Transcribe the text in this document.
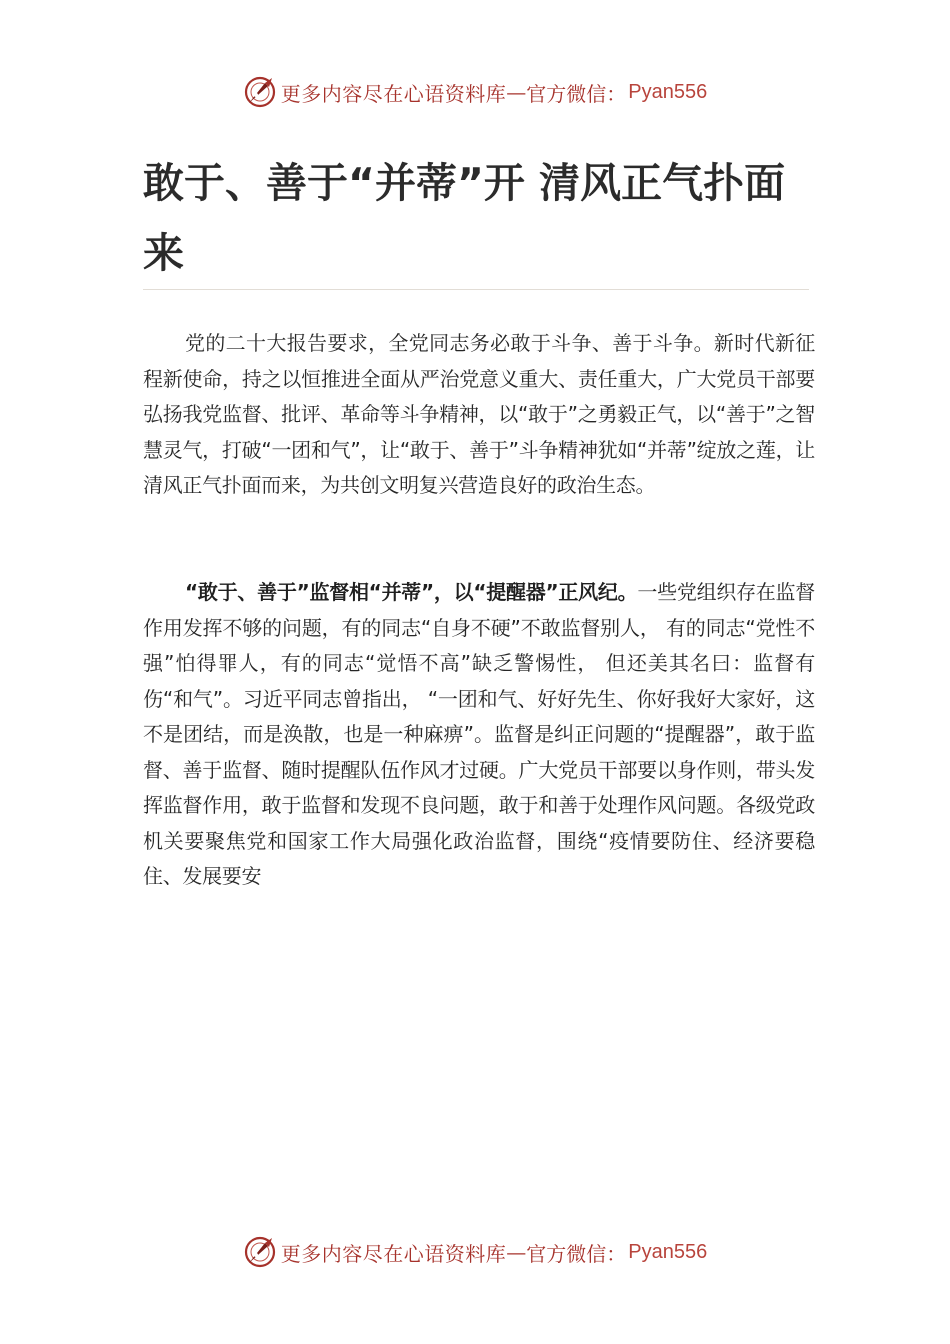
更多内容尽在心语资料库 — 官方微信： Pyan556
敢于、善于“并蒂”开 清风正气扑面来

党的二十大报告要求，全党同志务必敢于斗争、善于斗争。新时代新征程新使命，持之以恒推进全面从严治党意义重大、责任重大，广大党员干部要弘扬我党监督、批评、革命等斗争精神，以“敢于”之勇毅正气，以“善于”之智慧灵气，打破“一团和气”，让“敢于、善于”斗争精神犹如“并蒂”绽放之莲，让清风正气扑面而来，为共创文明复兴营造良好的政治生态。

“敢于、善于”监督相“并蒂”，以“提醒器”正风纪。一些党组织存在监督作用发挥不够的问题，有的同志“自身不硬”不敢监督别人， 有的同志“党性不强”怕得罪人，有的同志“觉悟不高”缺乏警惕性， 但还美其名曰：监督有伤“和气”。习近平同志曾指出， “一团和气、好好先生、你好我好大家好，这不是团结，而是涣散，也是一种麻痹”。监督是纠正问题的“提醒器”，敢于监督、善于监督、随时提醒队伍作风才过硬。广大党员干部要以身作则，带头发挥监督作用，敢于监督和发现不良问题，敢于和善于处理作风问题。各级党政机关要聚焦党和国家工作大局强化政治监督，围绕“疫情要防住、经济要稳住、发展要安

更多内容尽在心语资料库 — 官方微信： Pyan556
